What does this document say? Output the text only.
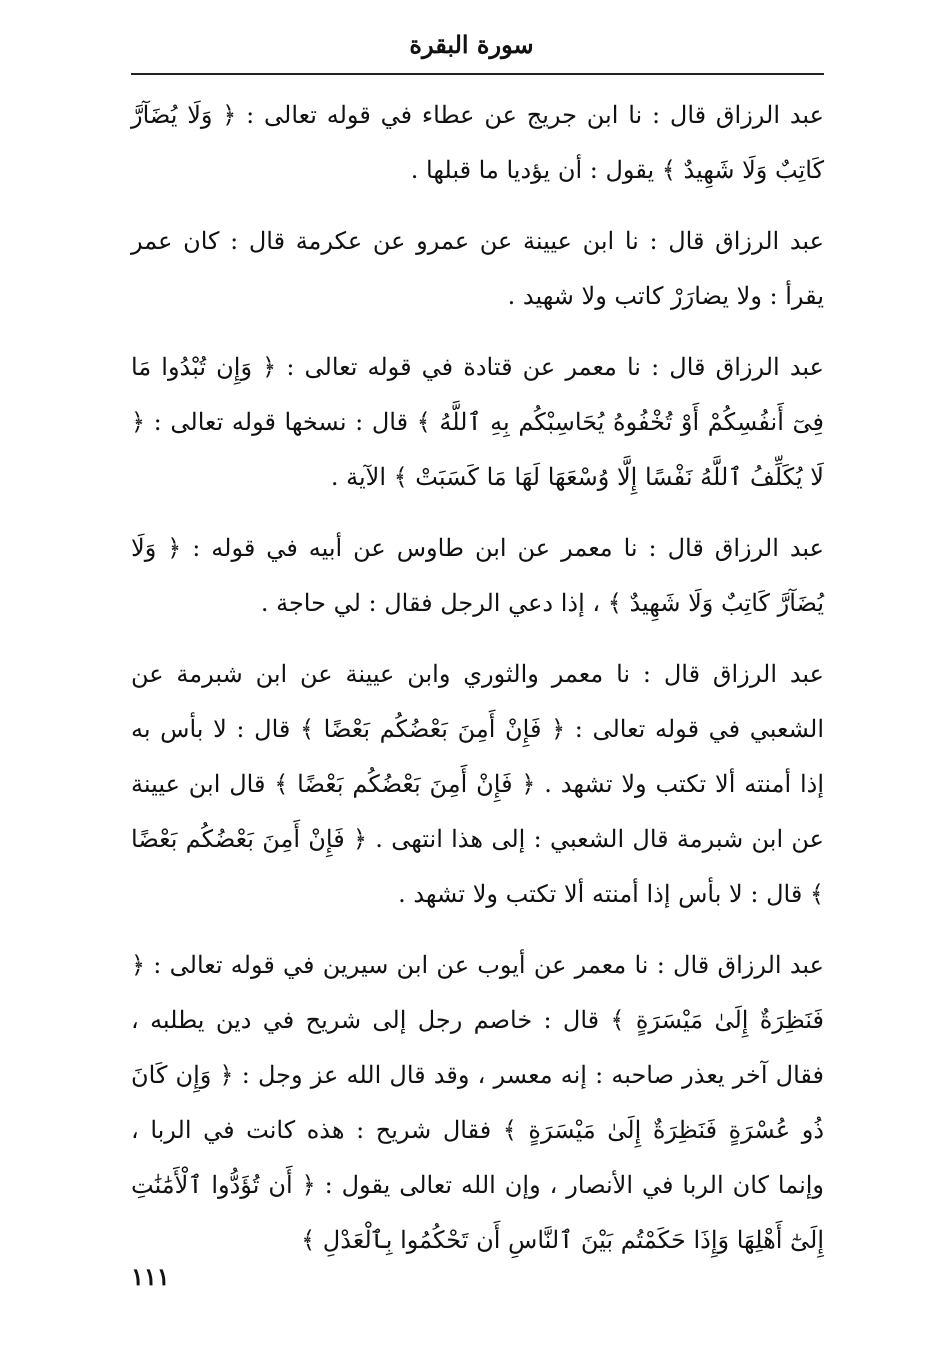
سورة البقرة

عبد الرزاق قال : نا ابن جريج عن عطاء في قوله تعالى : ﴿ وَلَا يُضَآرَّ كَاتِبٌ وَلَا شَهِيدٌ ﴾ يقول : أن يؤديا ما قبلها .

عبد الرزاق قال : نا ابن عيينة عن عمرو عن عكرمة قال : كان عمر يقرأ : ولا يضارَرْ كاتب ولا شهيد .

عبد الرزاق قال : نا معمر عن قتادة في قوله تعالى : ﴿ وَإِن تُبْدُوا مَا فِىٓ أَنفُسِكُمْ أَوْ تُخْفُوهُ يُحَاسِبْكُم بِهِ ٱللَّهُ ﴾ قال : نسخها قوله تعالى : ﴿ لَا يُكَلِّفُ ٱللَّهُ نَفْسًا إِلَّا وُسْعَهَا لَهَا مَا كَسَبَتْ ﴾ الآية .

عبد الرزاق قال : نا معمر عن ابن طاوس عن أبيه في قوله : ﴿ وَلَا يُضَآرَّ كَاتِبٌ وَلَا شَهِيدٌ ﴾ ، إذا دعي الرجل فقال : لي حاجة .

عبد الرزاق قال : نا معمر والثوري وابن عيينة عن ابن شبرمة عن الشعبي في قوله تعالى : ﴿ فَإِنْ أَمِنَ بَعْضُكُم بَعْضًا ﴾ قال : لا بأس به إذا أمنته ألا تكتب ولا تشهد . ﴿ فَإِنْ أَمِنَ بَعْضُكُم بَعْضًا ﴾ قال ابن عيينة عن ابن شبرمة قال الشعبي : إلى هذا انتهى . ﴿ فَإِنْ أَمِنَ بَعْضُكُم بَعْضًا ﴾ قال : لا بأس إذا أمنته ألا تكتب ولا تشهد .

عبد الرزاق قال : نا معمر عن أيوب عن ابن سيرين في قوله تعالى : ﴿ فَنَظِرَةٌ إِلَىٰ مَيْسَرَةٍ ﴾ قال : خاصم رجل إلى شريح في دين يطلبه ، فقال آخر يعذر صاحبه : إنه معسر ، وقد قال الله عز وجل : ﴿ وَإِن كَانَ ذُو عُسْرَةٍ فَنَظِرَةٌ إِلَىٰ مَيْسَرَةٍ ﴾ فقال شريح : هذه كانت في الربا ، وإنما كان الربا في الأنصار ، وإن الله تعالى يقول : ﴿ أَن تُؤَدُّوا ٱلْأَمَٰنَٰتِ إِلَىٰٓ أَهْلِهَا وَإِذَا حَكَمْتُم بَيْنَ ٱلنَّاسِ أَن تَحْكُمُوا بِٱلْعَدْلِ ﴾

١١١
